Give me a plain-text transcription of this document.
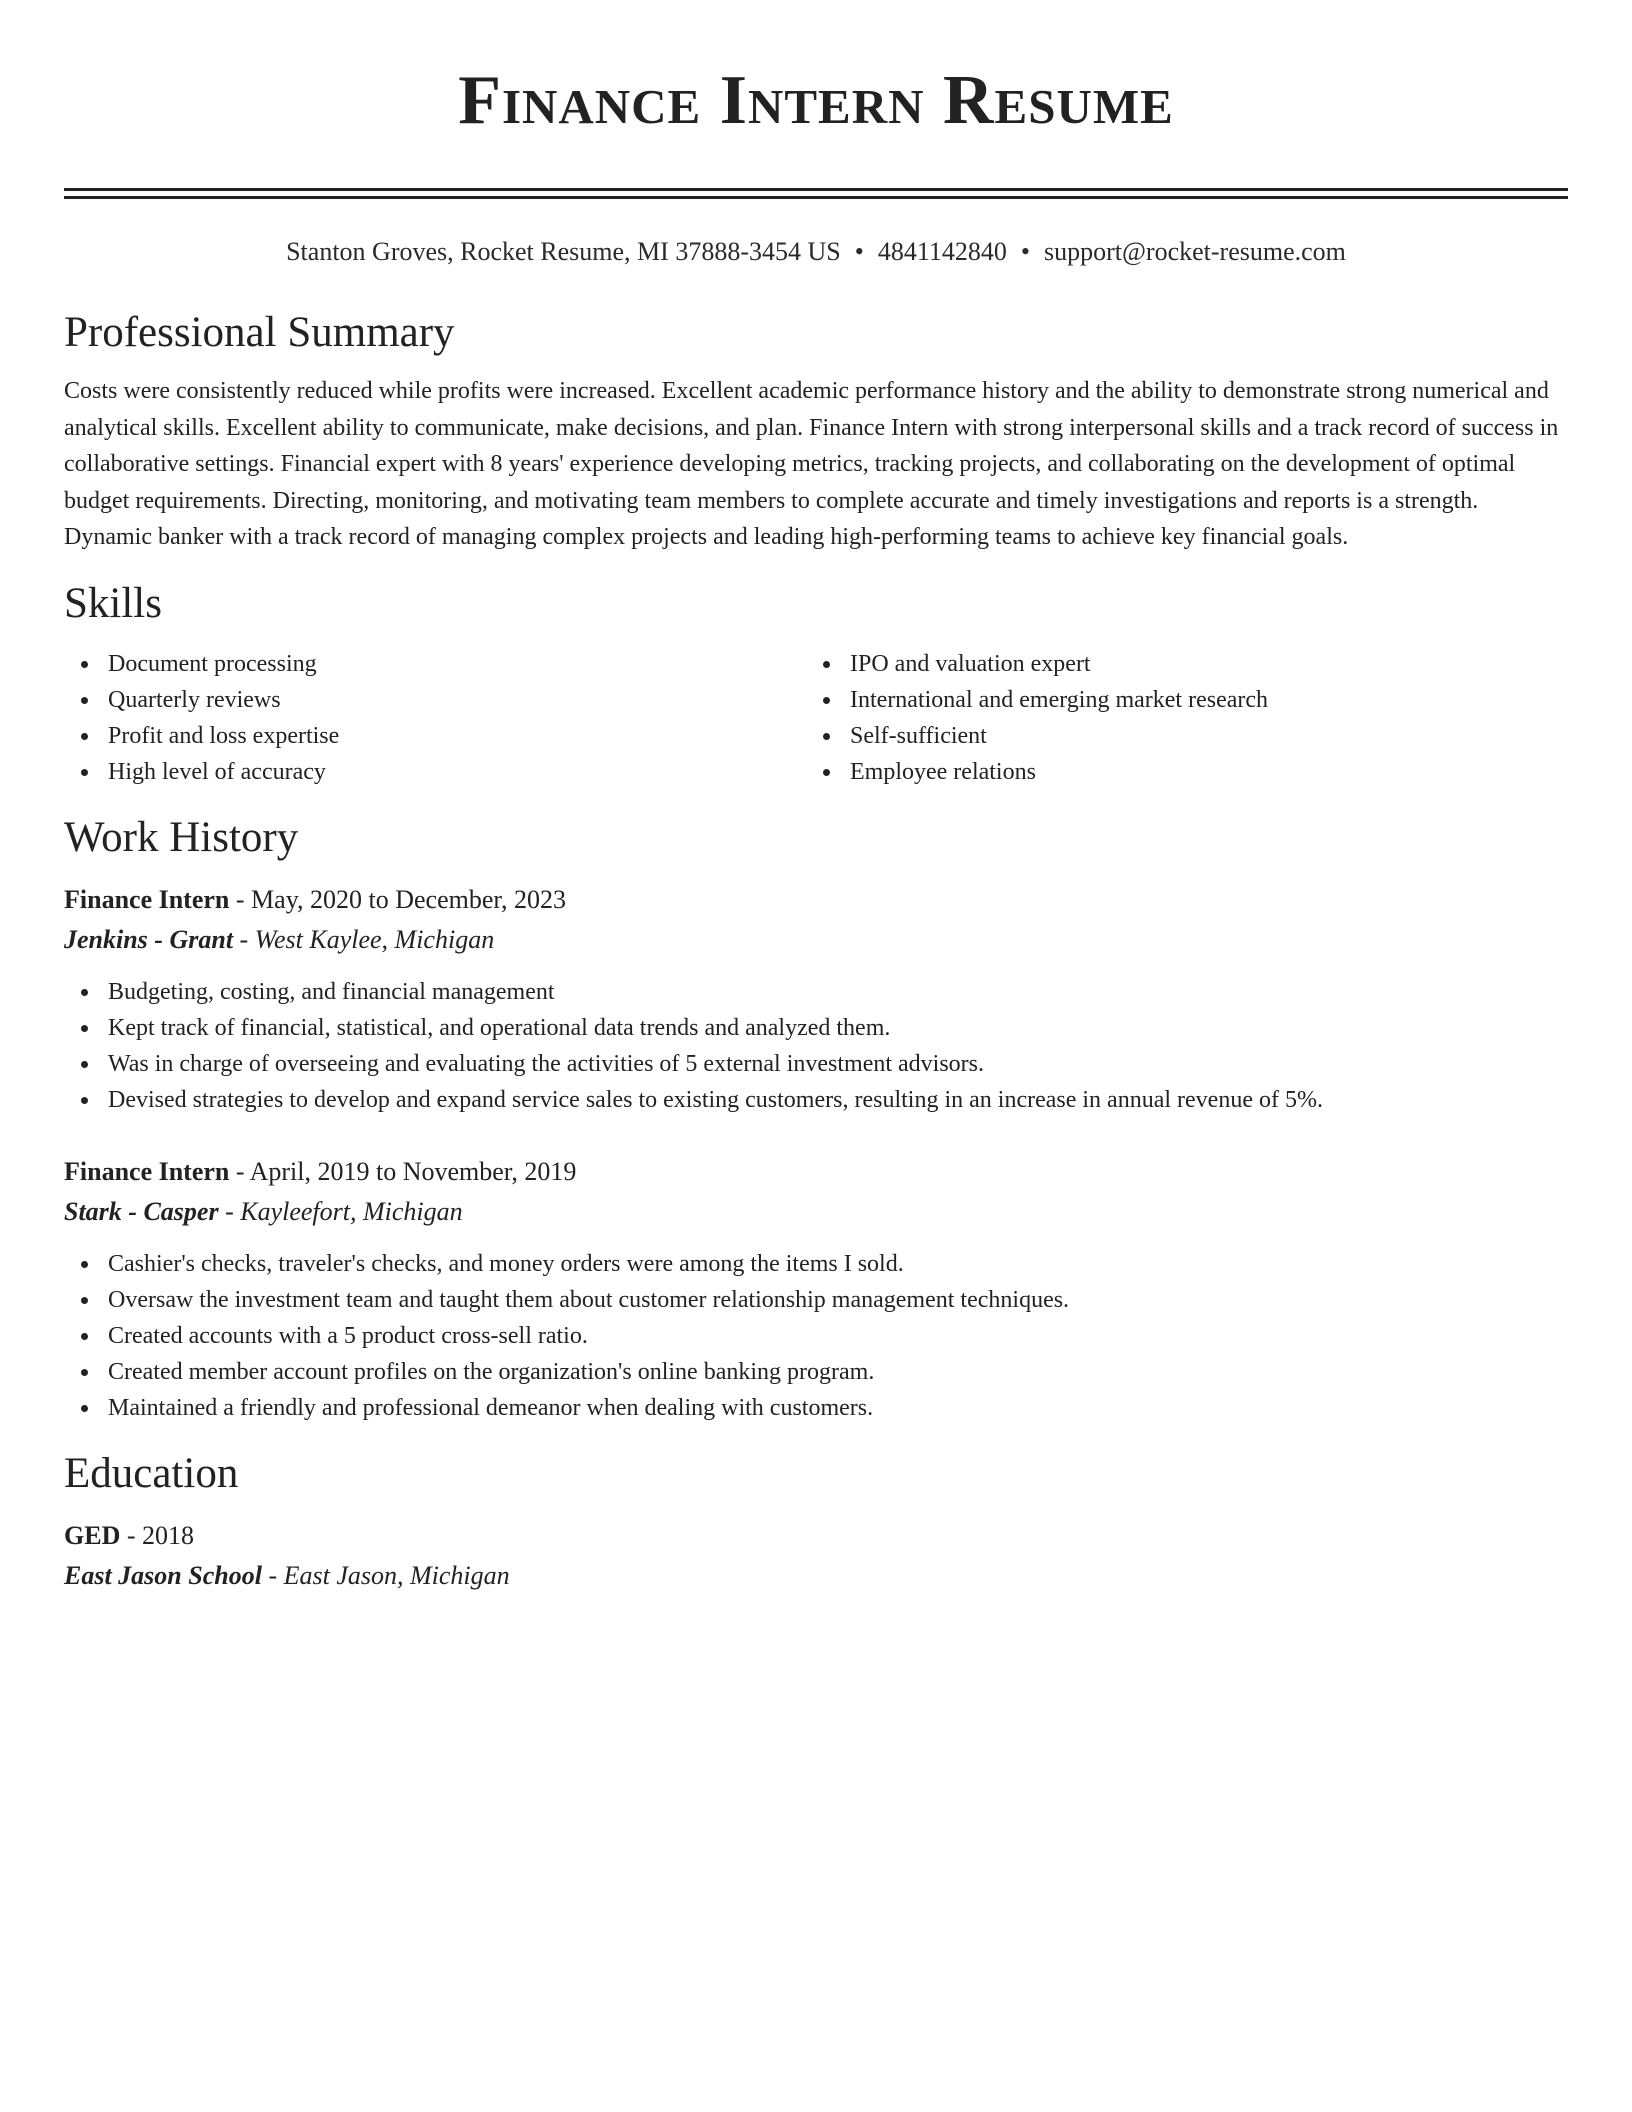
Finance Intern Resume
Stanton Groves, Rocket Resume, MI 37888-3454 US • 4841142840 • support@rocket-resume.com
Professional Summary
Costs were consistently reduced while profits were increased. Excellent academic performance history and the ability to demonstrate strong numerical and analytical skills. Excellent ability to communicate, make decisions, and plan. Finance Intern with strong interpersonal skills and a track record of success in collaborative settings. Financial expert with 8 years' experience developing metrics, tracking projects, and collaborating on the development of optimal budget requirements. Directing, monitoring, and motivating team members to complete accurate and timely investigations and reports is a strength. Dynamic banker with a track record of managing complex projects and leading high-performing teams to achieve key financial goals.
Skills
Document processing
Quarterly reviews
Profit and loss expertise
High level of accuracy
IPO and valuation expert
International and emerging market research
Self-sufficient
Employee relations
Work History
Finance Intern - May, 2020 to December, 2023
Jenkins - Grant - West Kaylee, Michigan
Budgeting, costing, and financial management
Kept track of financial, statistical, and operational data trends and analyzed them.
Was in charge of overseeing and evaluating the activities of 5 external investment advisors.
Devised strategies to develop and expand service sales to existing customers, resulting in an increase in annual revenue of 5%.
Finance Intern - April, 2019 to November, 2019
Stark - Casper - Kayleefort, Michigan
Cashier's checks, traveler's checks, and money orders were among the items I sold.
Oversaw the investment team and taught them about customer relationship management techniques.
Created accounts with a 5 product cross-sell ratio.
Created member account profiles on the organization's online banking program.
Maintained a friendly and professional demeanor when dealing with customers.
Education
GED - 2018
East Jason School - East Jason, Michigan
